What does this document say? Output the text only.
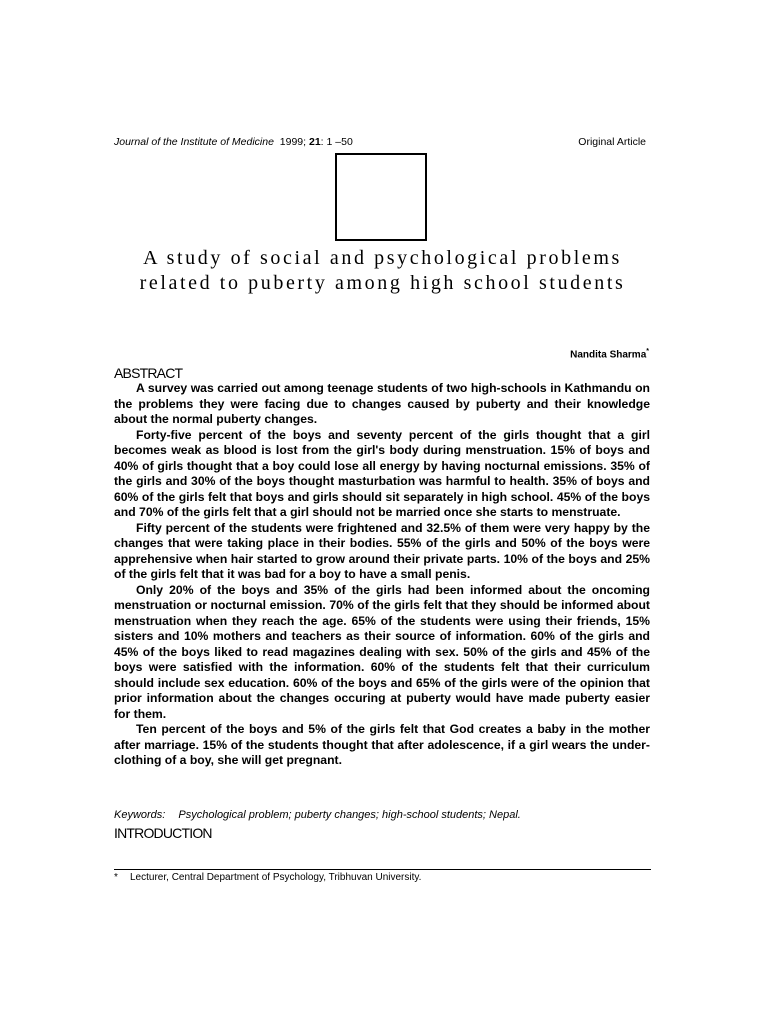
Journal of the Institute of Medicine 1999; 21: 1 –50	Original Article
A study of social and psychological problems related to puberty among high school students
Nandita Sharma*
ABSTRACT

A survey was carried out among teenage students of two high-schools in Kathmandu on the problems they were facing due to changes caused by puberty and their knowledge about the normal puberty changes.

Forty-five percent of the boys and seventy percent of the girls thought that a girl becomes weak as blood is lost from the girl's body during menstruation. 15% of boys and 40% of girls thought that a boy could lose all energy by having nocturnal emissions. 35% of the girls and 30% of the boys thought masturbation was harmful to health. 35% of boys and 60% of the girls felt that boys and girls should sit separately in high school. 45% of the boys and 70% of the girls felt that a girl should not be married once she starts to menstruate.

Fifty percent of the students were frightened and 32.5% of them were very happy by the changes that were taking place in their bodies. 55% of the girls and 50% of the boys were apprehensive when hair started to grow around their private parts. 10% of the boys and 25% of the girls felt that it was bad for a boy to have a small penis.

Only 20% of the boys and 35% of the girls had been informed about the oncoming menstruation or nocturnal emission. 70% of the girls felt that they should be informed about menstruation when they reach the age. 65% of the students were using their friends, 15% sisters and 10% mothers and teachers as their source of information. 60% of the girls and 45% of the boys liked to read magazines dealing with sex. 50% of the girls and 45% of the boys were satisfied with the information. 60% of the students felt that their curriculum should include sex education. 60% of the boys and 65% of the girls were of the opinion that prior information about the changes occuring at puberty would have made puberty easier for them.

Ten percent of the boys and 5% of the girls felt that God creates a baby in the mother after marriage. 15% of the students thought that after adolescence, if a girl wears the under-clothing of a boy, she will get pregnant.

Keywords: Psychological problem; puberty changes; high-school students; Nepal.
INTRODUCTION
* Lecturer, Central Department of Psychology, Tribhuvan University.
